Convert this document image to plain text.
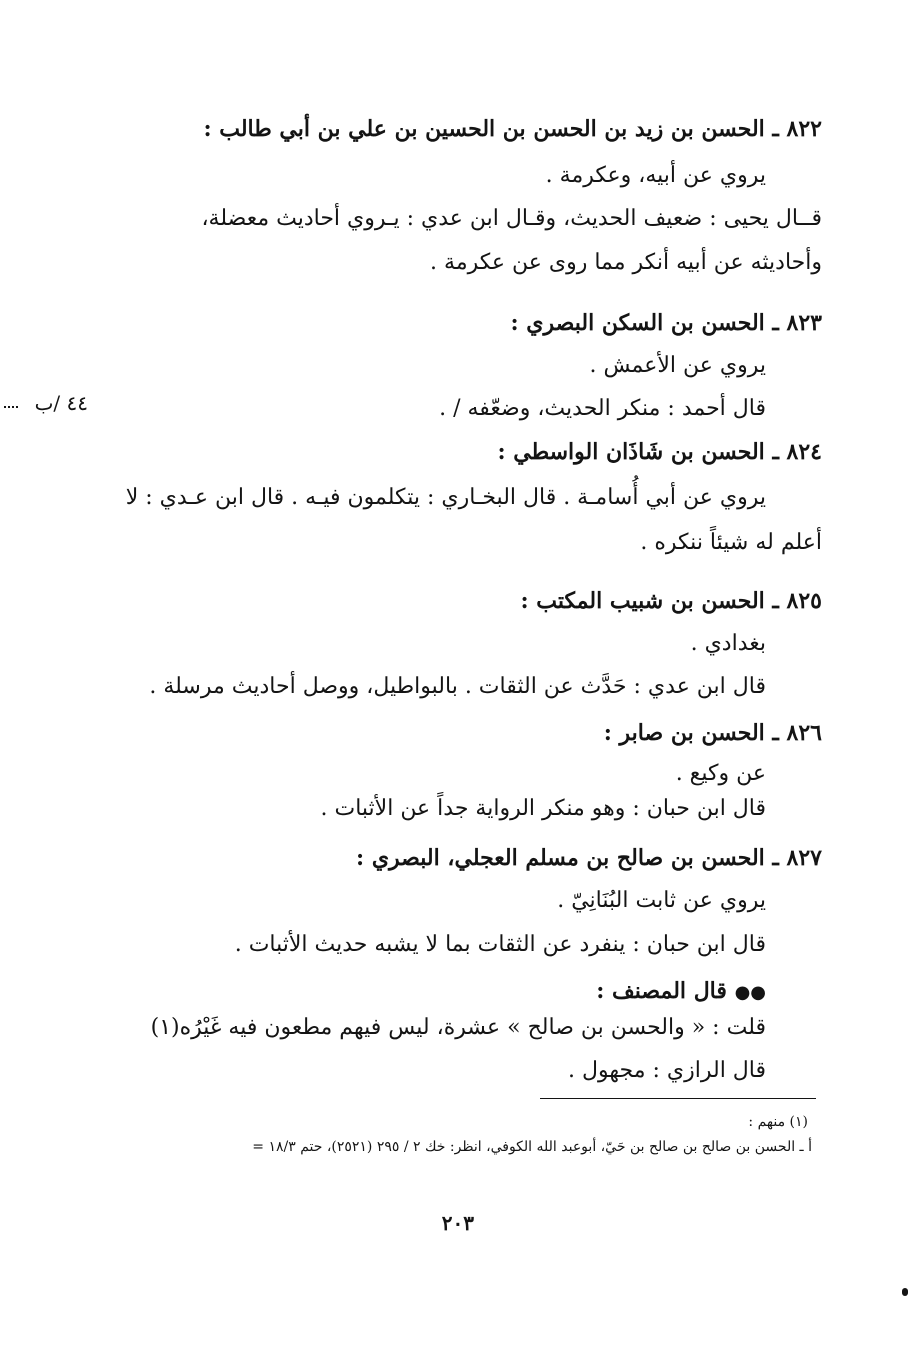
٨٢٢ ـ الحسن بن زيد بن الحسن بن الحسين بن علي بن أبي طالب :
يروي عن أبيه، وعكرمة .
قــال يحيى : ضعيف الحديث، وقـال ابن عدي : يـروي أحاديث معضلة،
وأحاديثه عن أبيه أنكر مما روى عن عكرمة .
٨٢٣ ـ الحسن بن السكن البصري :
يروي عن الأعمش .
قال أحمد : منكر الحديث، وضعّفه / .
٤٤ /ب
٨٢٤ ـ الحسن بن شَاذَان الواسطي :
يروي عن أبي أُسامـة . قال البخـاري : يتكلمون فيـه . قال ابن عـدي : لا
أعلم له شيئاً ننكره .
٨٢٥ ـ الحسن بن شبيب المكتب :
بغدادي .
قال ابن عدي : حَدَّث عن الثقات . بالبواطيل، ووصل أحاديث مرسلة .
٨٢٦ ـ الحسن بن صابر :
عن وكيع .
قال ابن حبان : وهو منكر الرواية جداً عن الأثبات .
٨٢٧ ـ الحسن بن صالح بن مسلم العجلي، البصري :
يروي عن ثابت البُنَانِيّ .
قال ابن حبان : ينفرد عن الثقات بما لا يشبه حديث الأثبات .
●● قال المصنف :
قلت : « والحسن بن صالح » عشرة، ليس فيهم مطعون فيه غَيْرُه(١)
قال الرازي : مجهول .
(١) منهم :
أ ـ الحسن بن صالح بن صالح بن حَيّ، أبوعبد الله الكوفي، انظر: خك ٢ / ٢٩٥ (٢٥٢١)، حتم ١٨/٣ =
٢٠٣
